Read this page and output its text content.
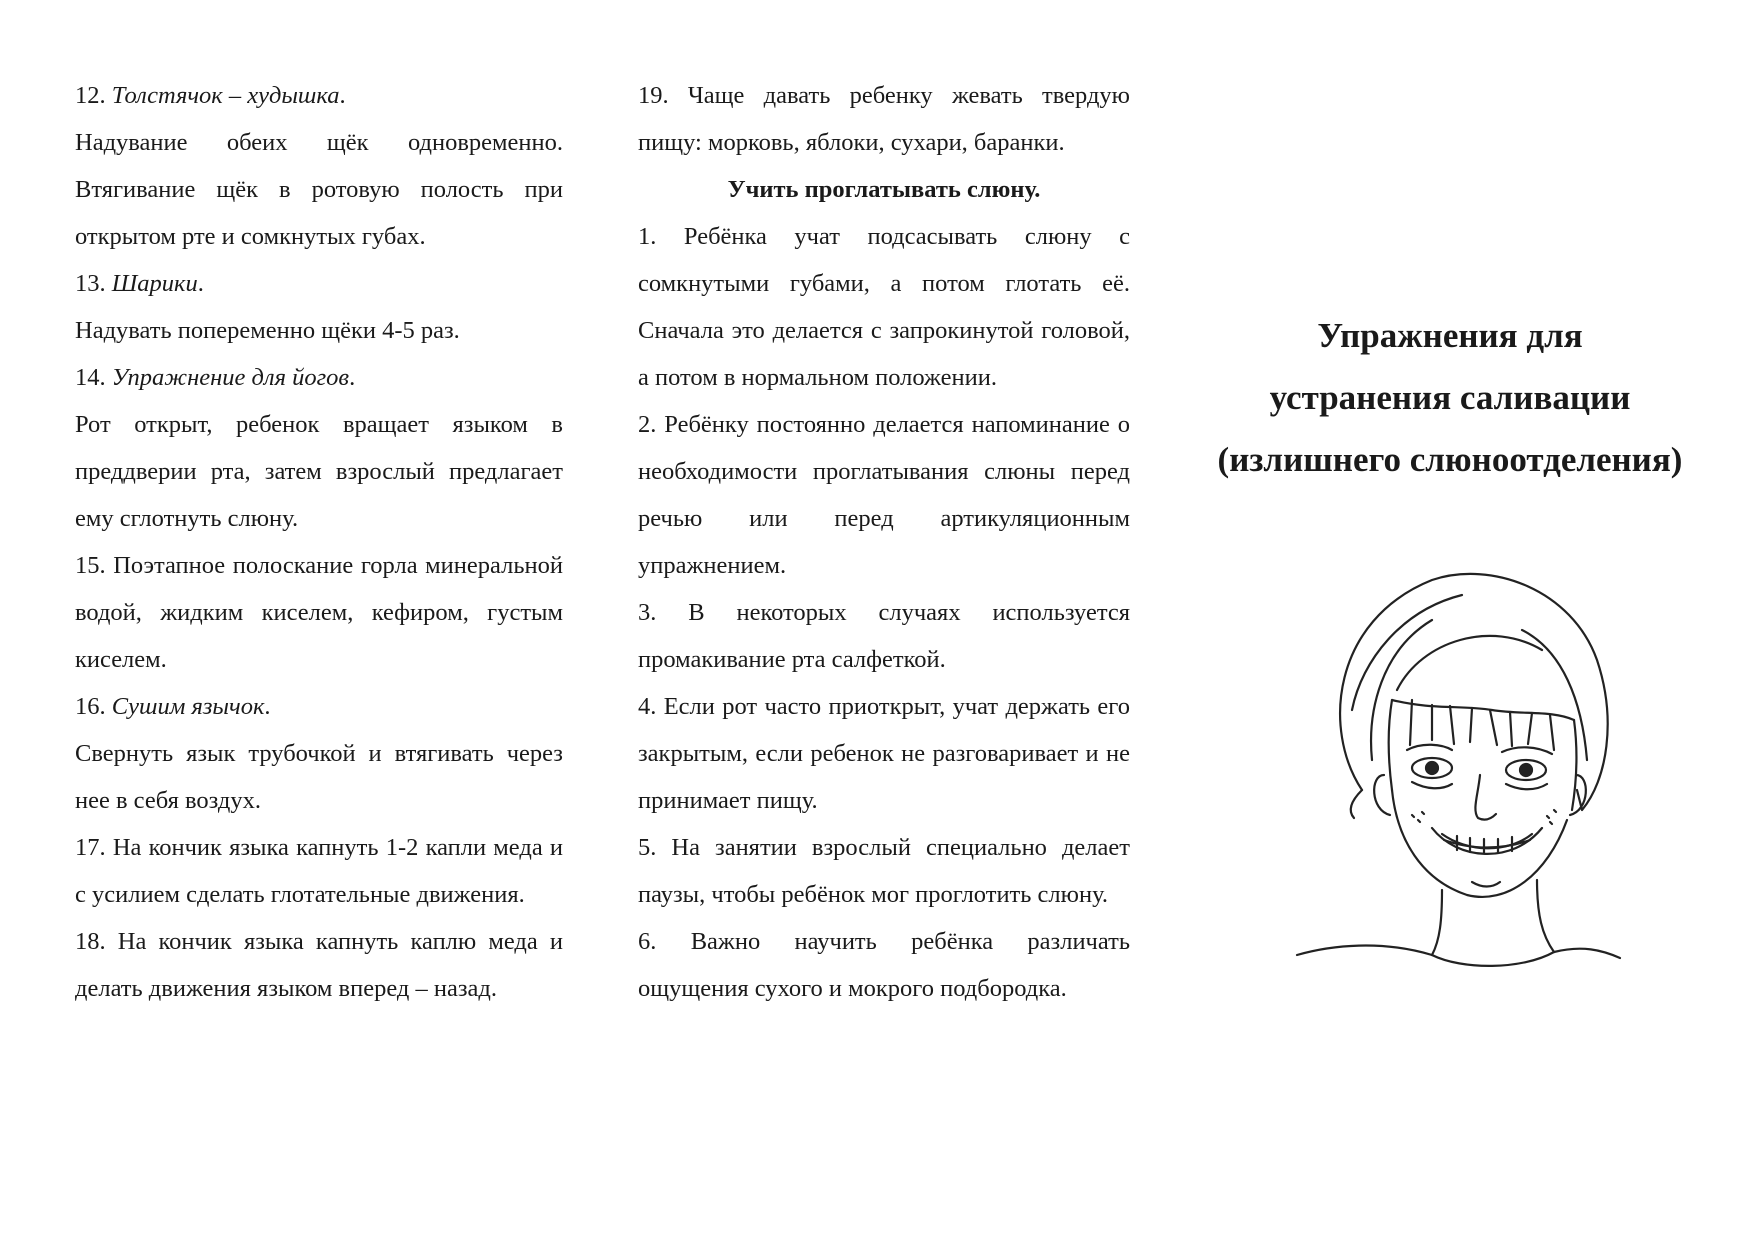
12. Толстячок – худышка.

Надувание обеих щёк одновременно. Втягивание щёк в ротовую полость при открытом рте и сомкнутых губах.

13. Шарики.

Надувать попеременно щёки 4-5 раз.

14. Упражнение для йогов.

Рот открыт, ребенок вращает языком в преддверии рта, затем взрослый предлагает ему сглотнуть слюну.

15. Поэтапное полоскание горла минеральной водой, жидким киселем, кефиром, густым киселем.

16. Сушим язычок.

Свернуть язык трубочкой и втягивать через нее в себя воздух.

17. На кончик языка капнуть 1-2 капли меда и с усилием сделать глотательные движения.

18. На кончик языка капнуть каплю меда и делать движения языком вперед – назад.

19. Чаще давать ребенку жевать твердую пищу: морковь, яблоки, сухари, баранки.

Учить проглатывать слюну.

1. Ребёнка учат подсасывать слюну с сомкнутыми губами, а потом глотать её. Сначала это делается с запрокинутой головой, а потом в нормальном положении.

2. Ребёнку постоянно делается напоминание о необходимости проглатывания слюны перед речью или перед артикуляционным упражнением.

3. В некоторых случаях используется промакивание рта салфеткой.

4. Если рот часто приоткрыт, учат держать его закрытым, если ребенок не разговаривает и не принимает пищу.

5. На занятии взрослый специально делает паузы, чтобы ребёнок мог проглотить слюну.

6. Важно научить ребёнка различать ощущения сухого и мокрого подбородка.

Упражнения для
устранения саливации
(излишнего слюноотделения)
